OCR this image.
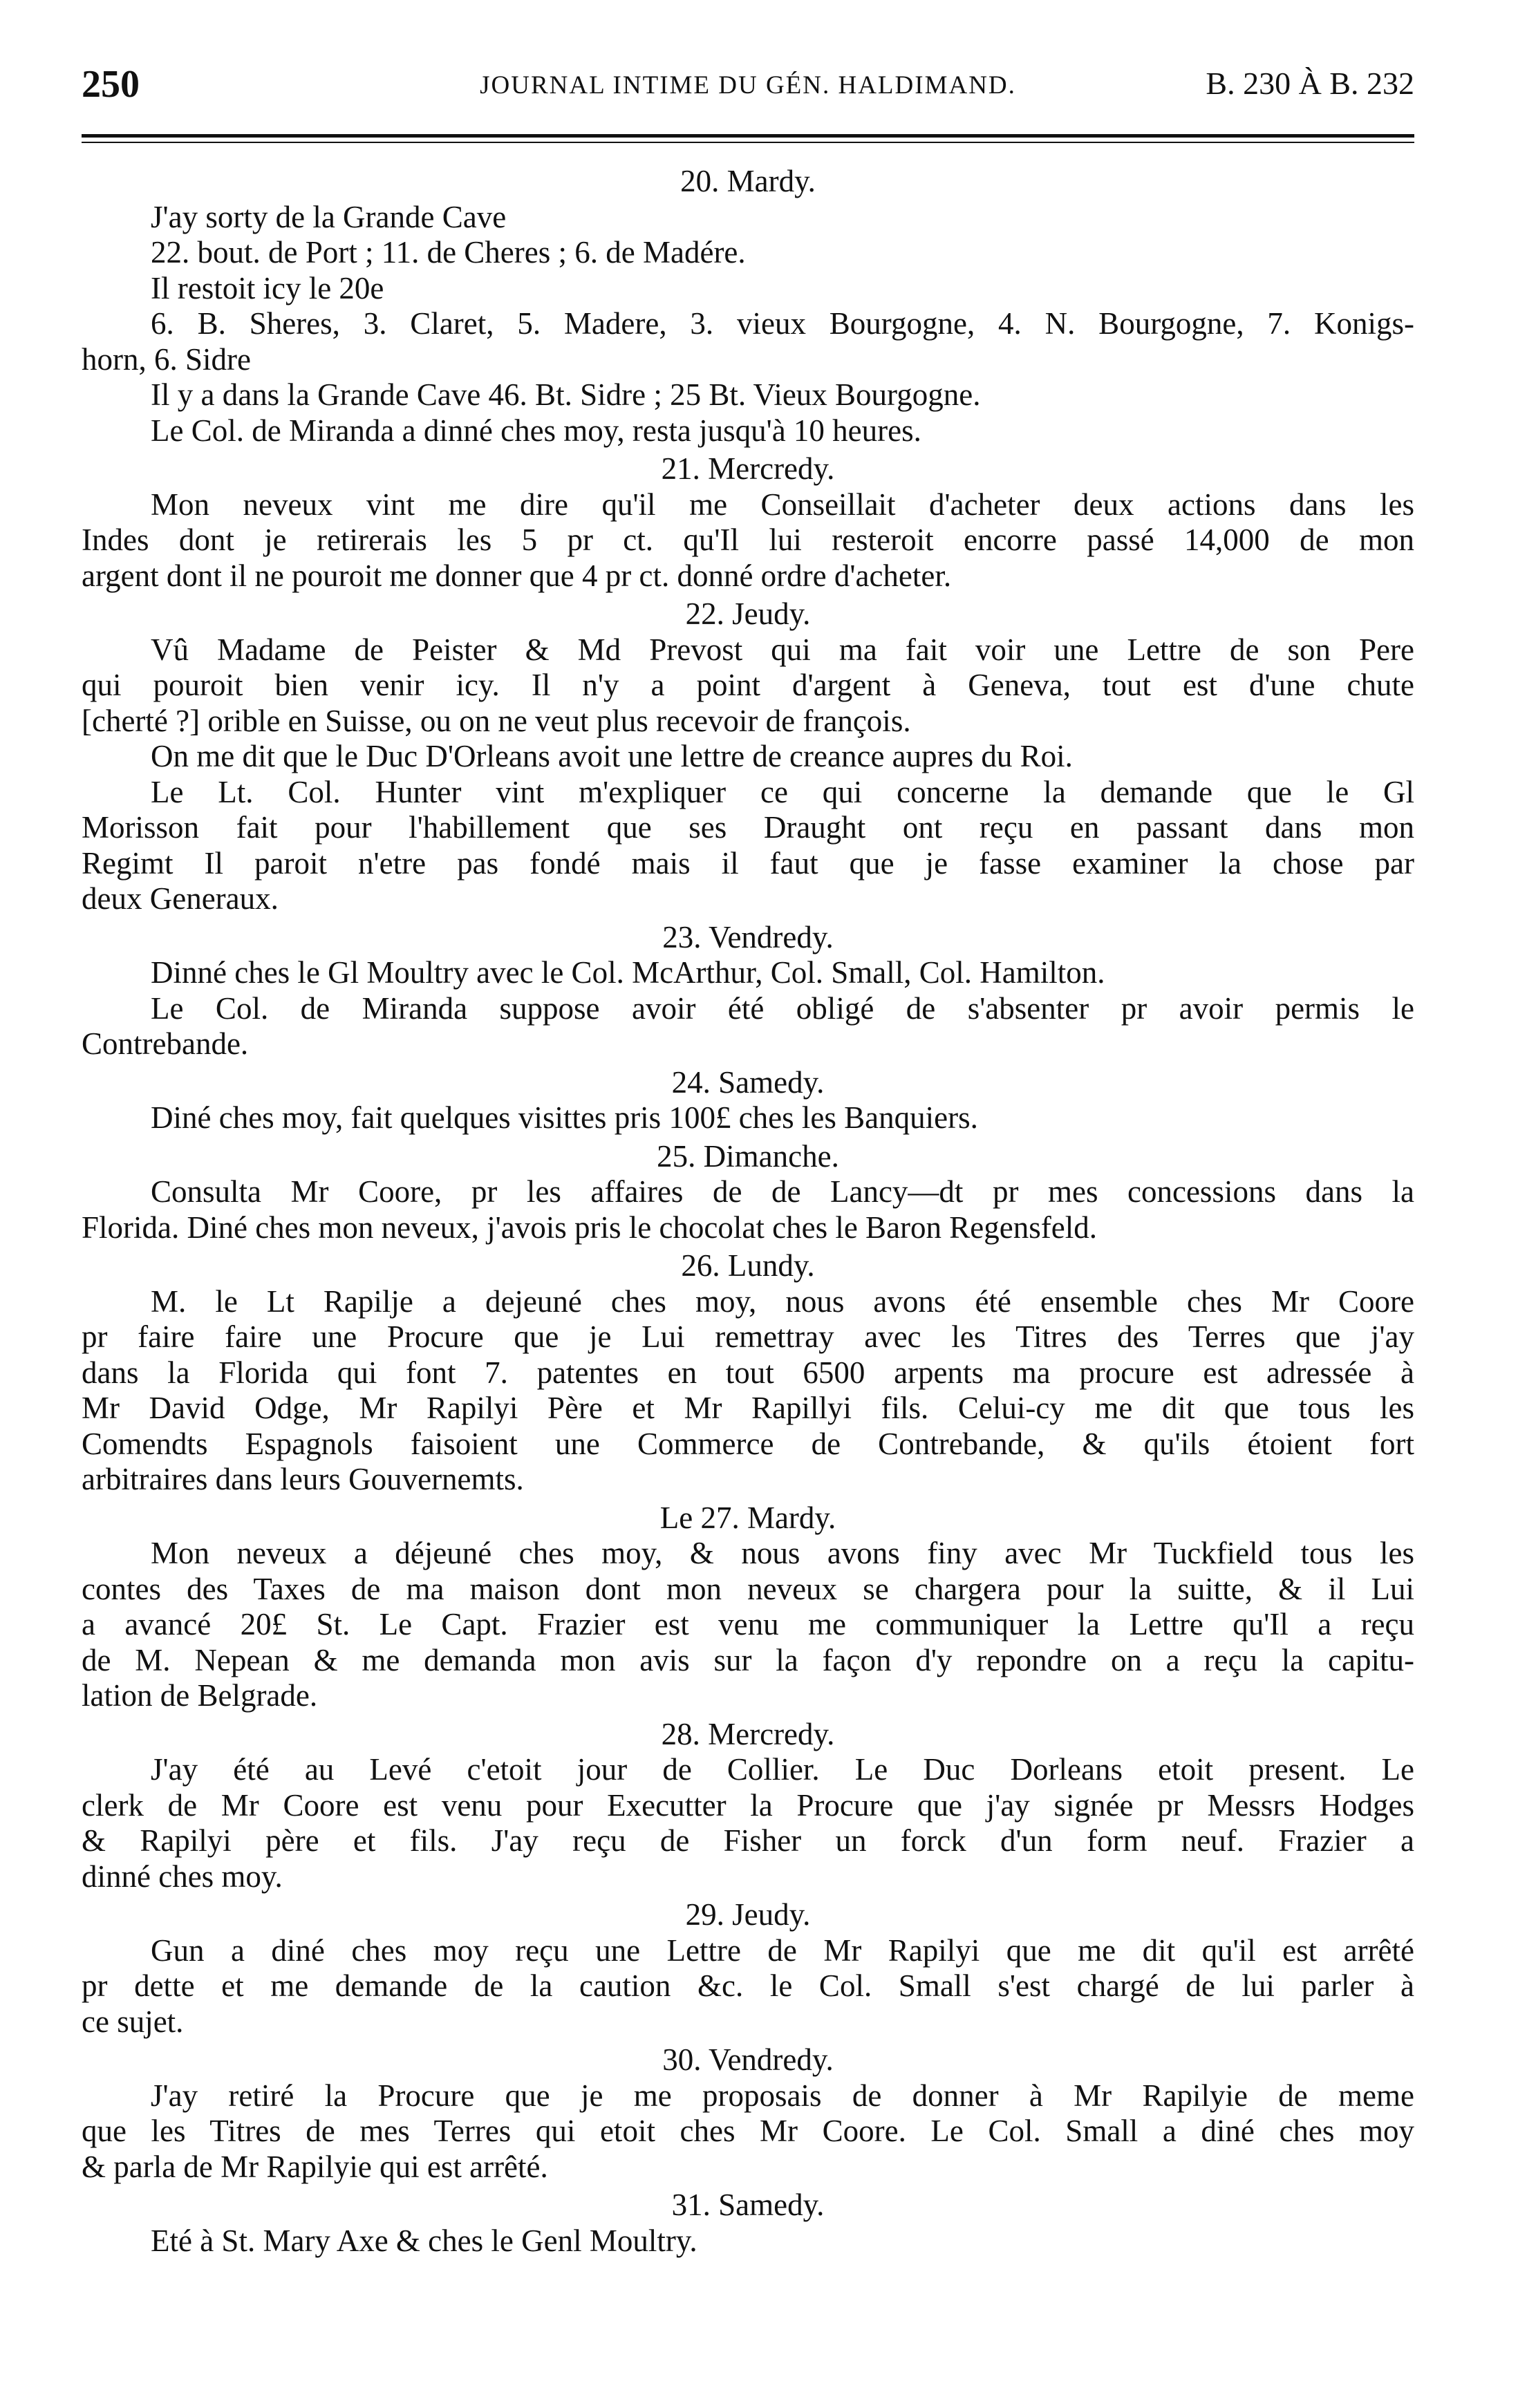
250	JOURNAL INTIME DU GÉN. HALDIMAND.	B. 230 À B. 232
20. Mardy.
J'ay sorty de la Grande Cave
22. bout. de Port ; 11. de Cheres ; 6. de Madére.
Il restoit icy le 20e
6. B. Sheres, 3. Claret, 5. Madere, 3. vieux Bourgogne, 4. N. Bourgogne, 7. Konigs-
horn, 6. Sidre
Il y a dans la Grande Cave 46. Bt. Sidre ; 25 Bt. Vieux Bourgogne.
Le Col. de Miranda a dinné ches moy, resta jusqu'à 10 heures.
21. Mercredy.
Mon neveux vint me dire qu'il me Conseillait d'acheter deux actions dans les
Indes dont je retirerais les 5 pr ct. qu'Il lui resteroit encorre passé 14,000 de mon
argent dont il ne pouroit me donner que 4 pr ct. donné ordre d'acheter.
22. Jeudy.
Vû Madame de Peister & Md Prevost qui ma fait voir une Lettre de son Pere
qui pouroit bien venir icy. Il n'y a point d'argent à Geneva, tout est d'une chute
[cherté ?] orible en Suisse, ou on ne veut plus recevoir de françois.
On me dit que le Duc D'Orleans avoit une lettre de creance aupres du Roi.
Le Lt. Col. Hunter vint m'expliquer ce qui concerne la demande que le Gl
Morisson fait pour l'habillement que ses Draught ont reçu en passant dans mon
Regimt Il paroit n'etre pas fondé mais il faut que je fasse examiner la chose par
deux Generaux.
23. Vendredy.
Dinné ches le Gl Moultry avec le Col. McArthur, Col. Small, Col. Hamilton.
Le Col. de Miranda suppose avoir été obligé de s'absenter pr avoir permis le
Contrebande.
24. Samedy.
Diné ches moy, fait quelques visittes pris 100£ ches les Banquiers.
25. Dimanche.
Consulta Mr Coore, pr les affaires de de Lancy—dt pr mes concessions dans la
Florida. Diné ches mon neveux, j'avois pris le chocolat ches le Baron Regensfeld.
26. Lundy.
M. le Lt Rapilje a dejeuné ches moy, nous avons été ensemble ches Mr Coore
pr faire faire une Procure que je Lui remettray avec les Titres des Terres que j'ay
dans la Florida qui font 7. patentes en tout 6500 arpents ma procure est adressée à
Mr David Odge, Mr Rapilyi Père et Mr Rapillyi fils. Celui-cy me dit que tous les
Comendts Espagnols faisoient une Commerce de Contrebande, & qu'ils étoient fort
arbitraires dans leurs Gouvernemts.
Le 27. Mardy.
Mon neveux a déjeuné ches moy, & nous avons finy avec Mr Tuckfield tous les
contes des Taxes de ma maison dont mon neveux se chargera pour la suitte, & il Lui
a avancé 20£ St. Le Capt. Frazier est venu me communiquer la Lettre qu'Il a reçu
de M. Nepean & me demanda mon avis sur la façon d'y repondre on a reçu la capitu-
lation de Belgrade.
28. Mercredy.
J'ay été au Levé c'etoit jour de Collier. Le Duc Dorleans etoit present. Le
clerk de Mr Coore est venu pour Executter la Procure que j'ay signée pr Messrs Hodges
& Rapilyi père et fils. J'ay reçu de Fisher un forck d'un form neuf. Frazier a
dinné ches moy.
29. Jeudy.
Gun a diné ches moy reçu une Lettre de Mr Rapilyi que me dit qu'il est arrêté
pr dette et me demande de la caution &c. le Col. Small s'est chargé de lui parler à
ce sujet.
30. Vendredy.
J'ay retiré la Procure que je me proposais de donner à Mr Rapilyie de meme
que les Titres de mes Terres qui etoit ches Mr Coore. Le Col. Small a diné ches moy
& parla de Mr Rapilyie qui est arrêté.
31. Samedy.
Eté à St. Mary Axe & ches le Genl Moultry.
